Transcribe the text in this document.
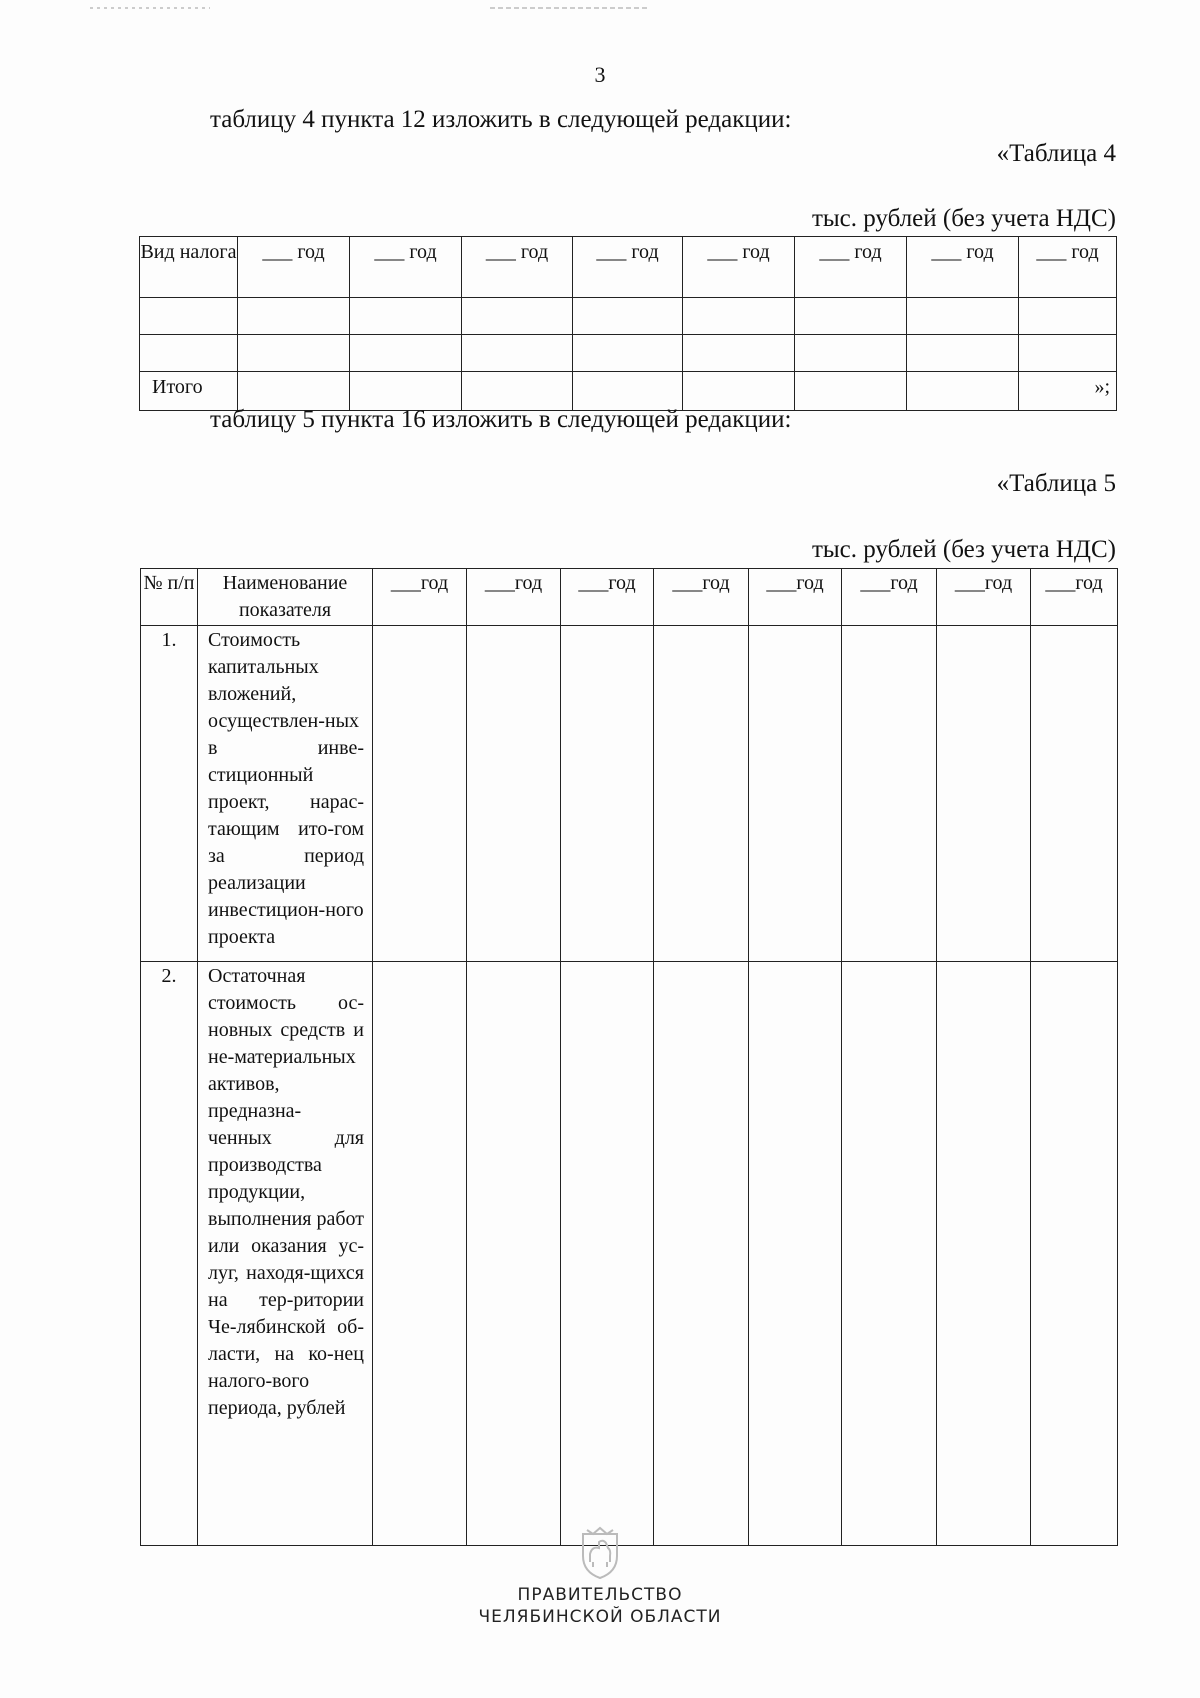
3
таблицу 4 пункта 12 изложить в следующей редакции:
«Таблица 4
тыс. рублей (без учета НДС)
Вид налога	___ год	___ год	___ год	___ год	___ год	___ год	___ год	___ год

Итого								»;
таблицу 5 пункта 16 изложить в следующей редакции:
«Таблица 5
тыс. рублей (без учета НДС)
№ п/п	Наименование показателя	___год	___год	___год	___год	___год	___год	___год	___год
1.	Стоимость капитальных вложений, осуществлен-ных в инве-стиционный проект, нарас-тающим ито-гом за период реализации инвестицион-ного проекта								
2.	Остаточная стоимость ос-новных средств и не-материальных активов, предназна-ченных для производства продукции, выполнения работ или оказания ус-луг, находя-щихся на тер-ритории Че-лябинской об-ласти, на ко-нец налого-вого периода, рублей								
ПРАВИТЕЛЬСТВО
ЧЕЛЯБИНСКОЙ ОБЛАСТИ
